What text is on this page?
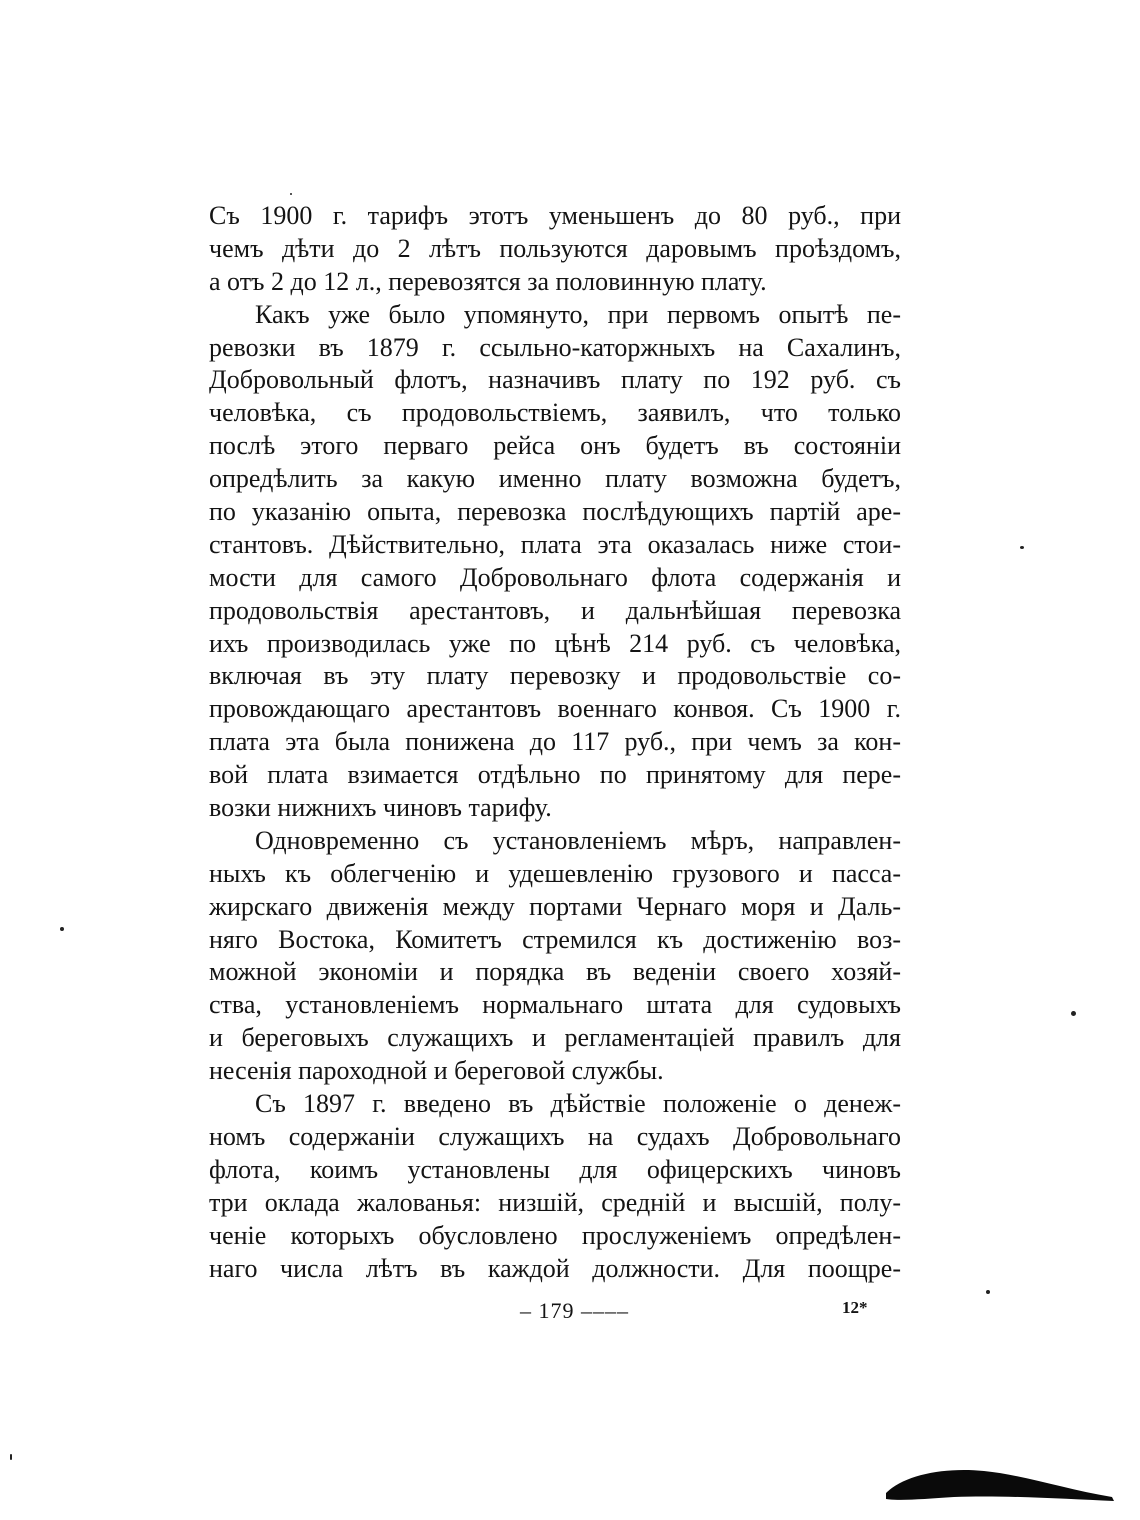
Съ 1900 г. тарифъ этотъ уменьшенъ до 80 руб., при
чемъ дѣти до 2 лѣтъ пользуются даровымъ проѣздомъ,
а отъ 2 до 12 л., перевозятся за половинную плату.
Какъ уже было упомянуто, при первомъ опытѣ пе-
ревозки въ 1879 г. ссыльно-каторжныхъ на Сахалинъ,
Добровольный флотъ, назначивъ плату по 192 руб. съ
человѣка, съ продовольствіемъ, заявилъ, что только
послѣ этого перваго рейса онъ будетъ въ состояніи
опредѣлить за какую именно плату возможна будетъ,
по указанію опыта, перевозка послѣдующихъ партій аре-
стантовъ. Дѣйствительно, плата эта оказалась ниже стои-
мости для самого Добровольнаго флота содержанія и
продовольствія арестантовъ, и дальнѣйшая перевозка
ихъ производилась уже по цѣнѣ 214 руб. съ человѣка,
включая въ эту плату перевозку и продовольствіе со-
провождающаго арестантовъ военнаго конвоя. Съ 1900 г.
плата эта была понижена до 117 руб., при чемъ за кон-
вой плата взимается отдѣльно по принятому для пере-
возки нижнихъ чиновъ тарифу.
Одновременно съ установленіемъ мѣръ, направлен-
ныхъ къ облегченію и удешевленію грузового и пасса-
жирскаго движенія между портами Чернаго моря и Даль-
няго Востока, Комитетъ стремился къ достиженію воз-
можной экономіи и порядка въ веденіи своего хозяй-
ства, установленіемъ нормальнаго штата для судовыхъ
и береговыхъ служащихъ и регламентаціей правилъ для
несенія пароходной и береговой службы.
Съ 1897 г. введено въ дѣйствіе положеніе о денеж-
номъ содержаніи служащихъ на судахъ Добровольнаго
флота, коимъ установлены для офицерскихъ чиновъ
три оклада жалованья: низшій, средній и высшій, полу-
ченіе которыхъ обусловлено прослуженіемъ опредѣлен-
наго числа лѣтъ въ каждой должности. Для поощре-
– 179 ––––	12*
